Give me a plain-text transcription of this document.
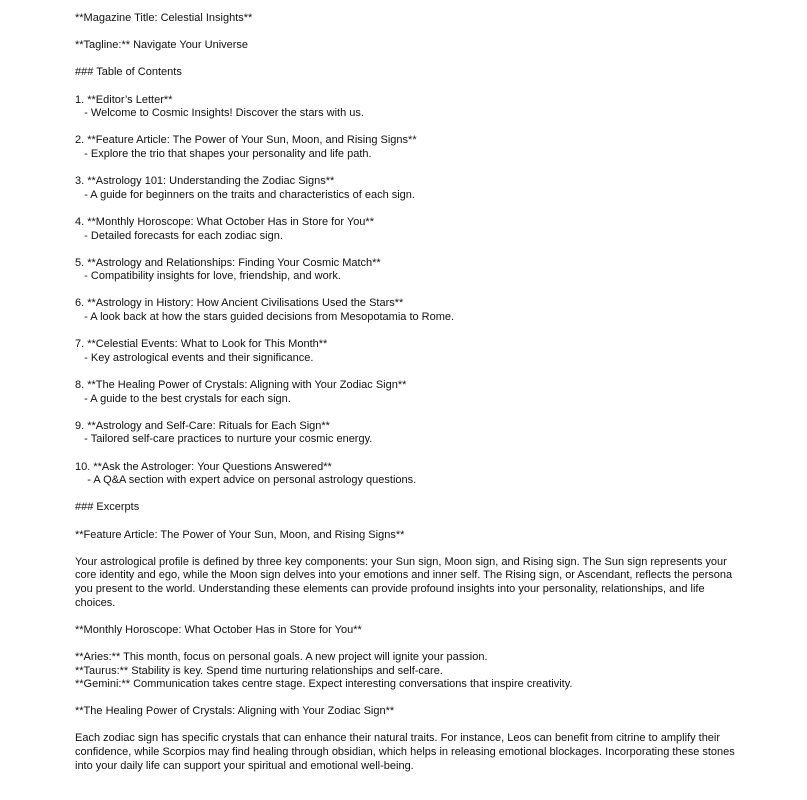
**Magazine Title: Celestial Insights**

**Tagline:** Navigate Your Universe

### Table of Contents

1. **Editor’s Letter**

- Welcome to Cosmic Insights! Discover the stars with us.

2. **Feature Article: The Power of Your Sun, Moon, and Rising Signs**

- Explore the trio that shapes your personality and life path.

3. **Astrology 101: Understanding the Zodiac Signs**

- A guide for beginners on the traits and characteristics of each sign.

4. **Monthly Horoscope: What October Has in Store for You**

- Detailed forecasts for each zodiac sign.

5. **Astrology and Relationships: Finding Your Cosmic Match**

- Compatibility insights for love, friendship, and work.

6. **Astrology in History: How Ancient Civilisations Used the Stars**

- A look back at how the stars guided decisions from Mesopotamia to Rome.

7. **Celestial Events: What to Look for This Month**

- Key astrological events and their significance.

8. **The Healing Power of Crystals: Aligning with Your Zodiac Sign**

- A guide to the best crystals for each sign.

9. **Astrology and Self-Care: Rituals for Each Sign**

- Tailored self-care practices to nurture your cosmic energy.

10. **Ask the Astrologer: Your Questions Answered**

- A Q&A section with expert advice on personal astrology questions.

### Excerpts

**Feature Article: The Power of Your Sun, Moon, and Rising Signs**

Your astrological profile is defined by three key components: your Sun sign, Moon sign, and Rising sign. The Sun sign represents your core identity and ego, while the Moon sign delves into your emotions and inner self. The Rising sign, or Ascendant, reflects the persona you present to the world. Understanding these elements can provide profound insights into your personality, relationships, and life choices.

**Monthly Horoscope: What October Has in Store for You**

**Aries:** This month, focus on personal goals. A new project will ignite your passion.

**Taurus:** Stability is key. Spend time nurturing relationships and self-care.

**Gemini:** Communication takes centre stage. Expect interesting conversations that inspire creativity.

**The Healing Power of Crystals: Aligning with Your Zodiac Sign**

Each zodiac sign has specific crystals that can enhance their natural traits. For instance, Leos can benefit from citrine to amplify their confidence, while Scorpios may find healing through obsidian, which helps in releasing emotional blockages. Incorporating these stones into your daily life can support your spiritual and emotional well-being.
